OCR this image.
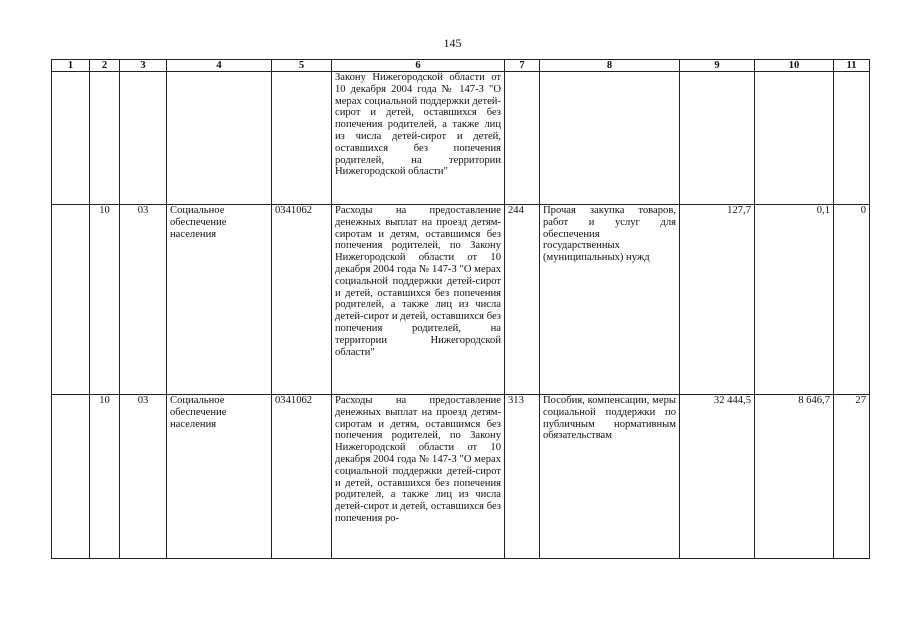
145
1	2	3	4	5	6	7	8	9	10	11
					Закону Нижегородской области от 10 декабря 2004 года № 147-З "О мерах социальной поддержки детей-сирот и детей, оставшихся без попечения родителей, а также лиц из числа детей-сирот и детей, оставшихся без попечения родителей, на территории Нижегородской области"					
	10	03	Социальное обеспечение населения	0341062	Расходы на предоставление денежных выплат на проезд детям-сиротам и детям, оставшимся без попечения родителей, по Закону Нижегородской области от 10 декабря 2004 года № 147-З "О мерах социальной поддержки детей-сирот и детей, оставшихся без попечения родителей, а также лиц из числа детей-сирот и детей, оставшихся без попечения родителей, на территории Нижегородской области"	244	Прочая закупка товаров, работ и услуг для обеспечения государственных (муниципальных) нужд	127,7	0,1	0
	10	03	Социальное обеспечение населения	0341062	Расходы на предоставление денежных выплат на проезд детям-сиротам и детям, оставшимся без попечения родителей, по Закону Нижегородской области от 10 декабря 2004 года № 147-З "О мерах социальной поддержки детей-сирот и детей, оставшихся без попечения родителей, а также лиц из числа детей-сирот и детей, оставшихся без попечения ро-	313	Пособия, компенсации, меры социальной поддержки по публичным нормативным обязательствам	32 444,5	8 646,7	27
